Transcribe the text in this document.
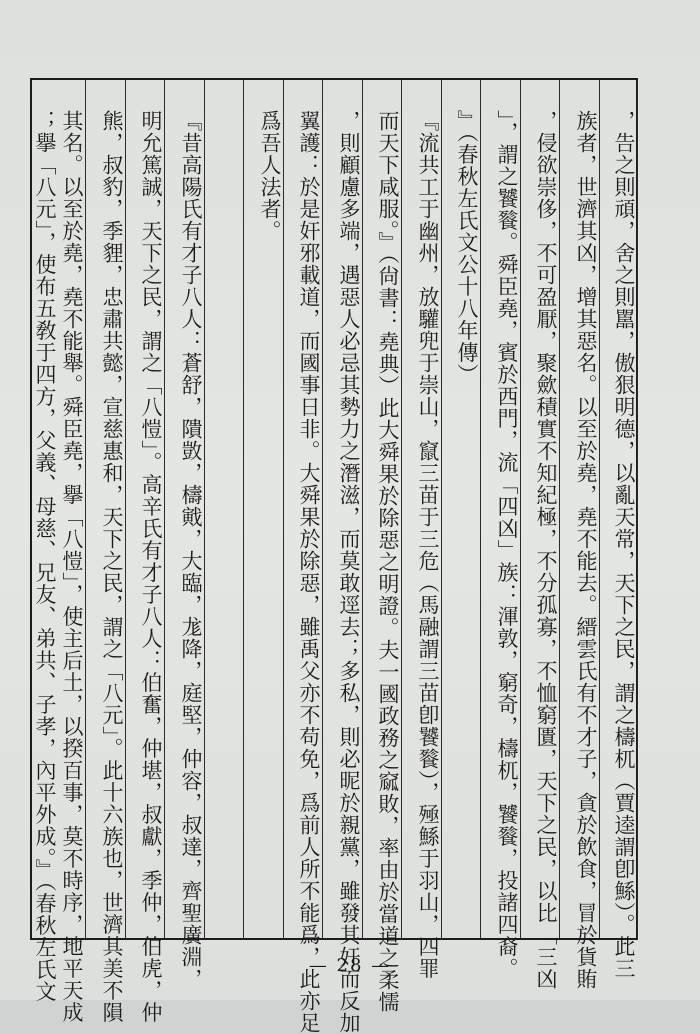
，告之則頑，舍之則嚚，傲狠明德，以亂天常，天下之民，謂之檮杌（賈逵謂卽鯀）。此三
族者，世濟其凶，增其惡名。以至於堯，堯不能去。縉雲氏有不才子，貪於飲食，冒於貨賄
，侵欲崇侈，不可盈厭，聚歛積實不知紀極，不分孤寡，不恤窮匱，天下之民，以比「三凶
」，謂之饕餮。舜臣堯，賓於西門，流「四凶」族：渾敦，窮奇，檮杌，饕餮，投諸四裔。
』（春秋左氏文公十八年傳）
『流共工于幽州，放驩兜于崇山，竄三苗于三危（馬融謂三苗卽饕餮），殛鯀于羽山，四罪
而天下咸服。』（尙書：堯典）此大舜果於除惡之明證。夫一國政務之窳敗，率由於當道之柔懦
，則顧慮多端，遇惡人必忌其勢力之潛滋，而莫敢逕去；多私，則必昵於親黨，雖發其奸而反加
翼護：於是奸邪載道，而國事日非。大舜果於除惡，雖禹父亦不苟免，爲前人所不能爲，此亦足
爲吾人法者。
『昔高陽氏有才子八人：蒼舒，隤敳，檮戭，大臨，尨降，庭堅，仲容，叔達，齊聖廣淵，
明允篤誠，天下之民，謂之「八愷」。高辛氏有才子八人：伯奮，仲堪，叔獻，季仲，伯虎，仲
熊，叔豹，季貍，忠肅共懿，宣慈惠和，天下之民，謂之「八元」。此十六族也，世濟其美不隕
其名。以至於堯，堯不能舉。舜臣堯，擧「八愷」，使主后土，以揆百事，莫不時序，地平天成
；擧「八元」，使布五敎于四方，父義、母慈、兄友、弟共、子孝，內平外成。』（春秋左氏文	— 28 —
